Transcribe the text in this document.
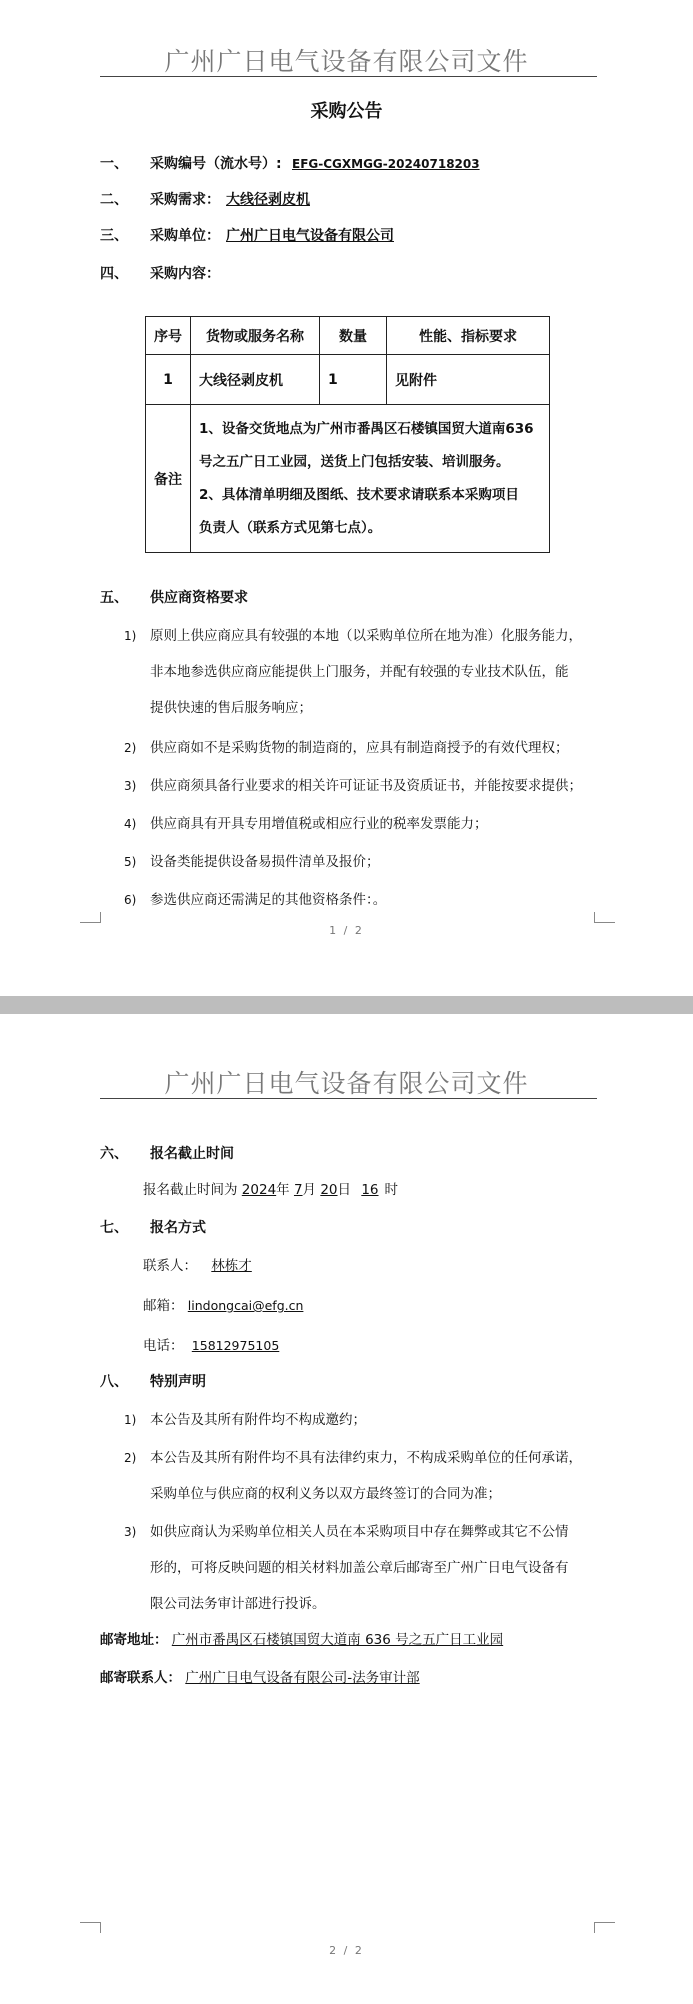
广州广日电气设备有限公司文件
采购公告
一、 采购编号（流水号）: EFG-CGXMGG-20240718203
二、 采购需求： 大线径剥皮机
三、 采购单位： 广州广日电气设备有限公司
四、 采购内容：
序号	货物或服务名称	数量	性能、指标要求
1	大线径剥皮机	1	见附件
备注	1、设备交货地点为广州市番禺区石楼镇国贸大道南636
号之五广日工业园，送货上门包括安装、培训服务。
2、具体清单明细及图纸、技术要求请联系本采购项目
负责人（联系方式见第七点）。		
五、 供应商资格要求
1) 原则上供应商应具有较强的本地（以采购单位所在地为准）化服务能力，
非本地参选供应商应能提供上门服务，并配有较强的专业技术队伍，能
提供快速的售后服务响应；
2) 供应商如不是采购货物的制造商的，应具有制造商授予的有效代理权；
3) 供应商须具备行业要求的相关许可证证书及资质证书，并能按要求提供；
4) 供应商具有开具专用增值税或相应行业的税率发票能力；
5) 设备类能提供设备易损件清单及报价；
6) 参选供应商还需满足的其他资格条件：。
1 / 2
广州广日电气设备有限公司文件
六、 报名截止时间
报名截止时间为 2024年 7月 20日 16 时
七、 报名方式
联系人： 林栋才
邮箱： lindongcai@efg.cn
电话： 15812975105
八、 特别声明
1) 本公告及其所有附件均不构成邀约；
2) 本公告及其所有附件均不具有法律约束力，不构成采购单位的任何承诺，
采购单位与供应商的权利义务以双方最终签订的合同为准；
3) 如供应商认为采购单位相关人员在本采购项目中存在舞弊或其它不公情
形的，可将反映问题的相关材料加盖公章后邮寄至广州广日电气设备有
限公司法务审计部进行投诉。
邮寄地址： 广州市番禺区石楼镇国贸大道南 636 号之五广日工业园
邮寄联系人： 广州广日电气设备有限公司-法务审计部
2 / 2
